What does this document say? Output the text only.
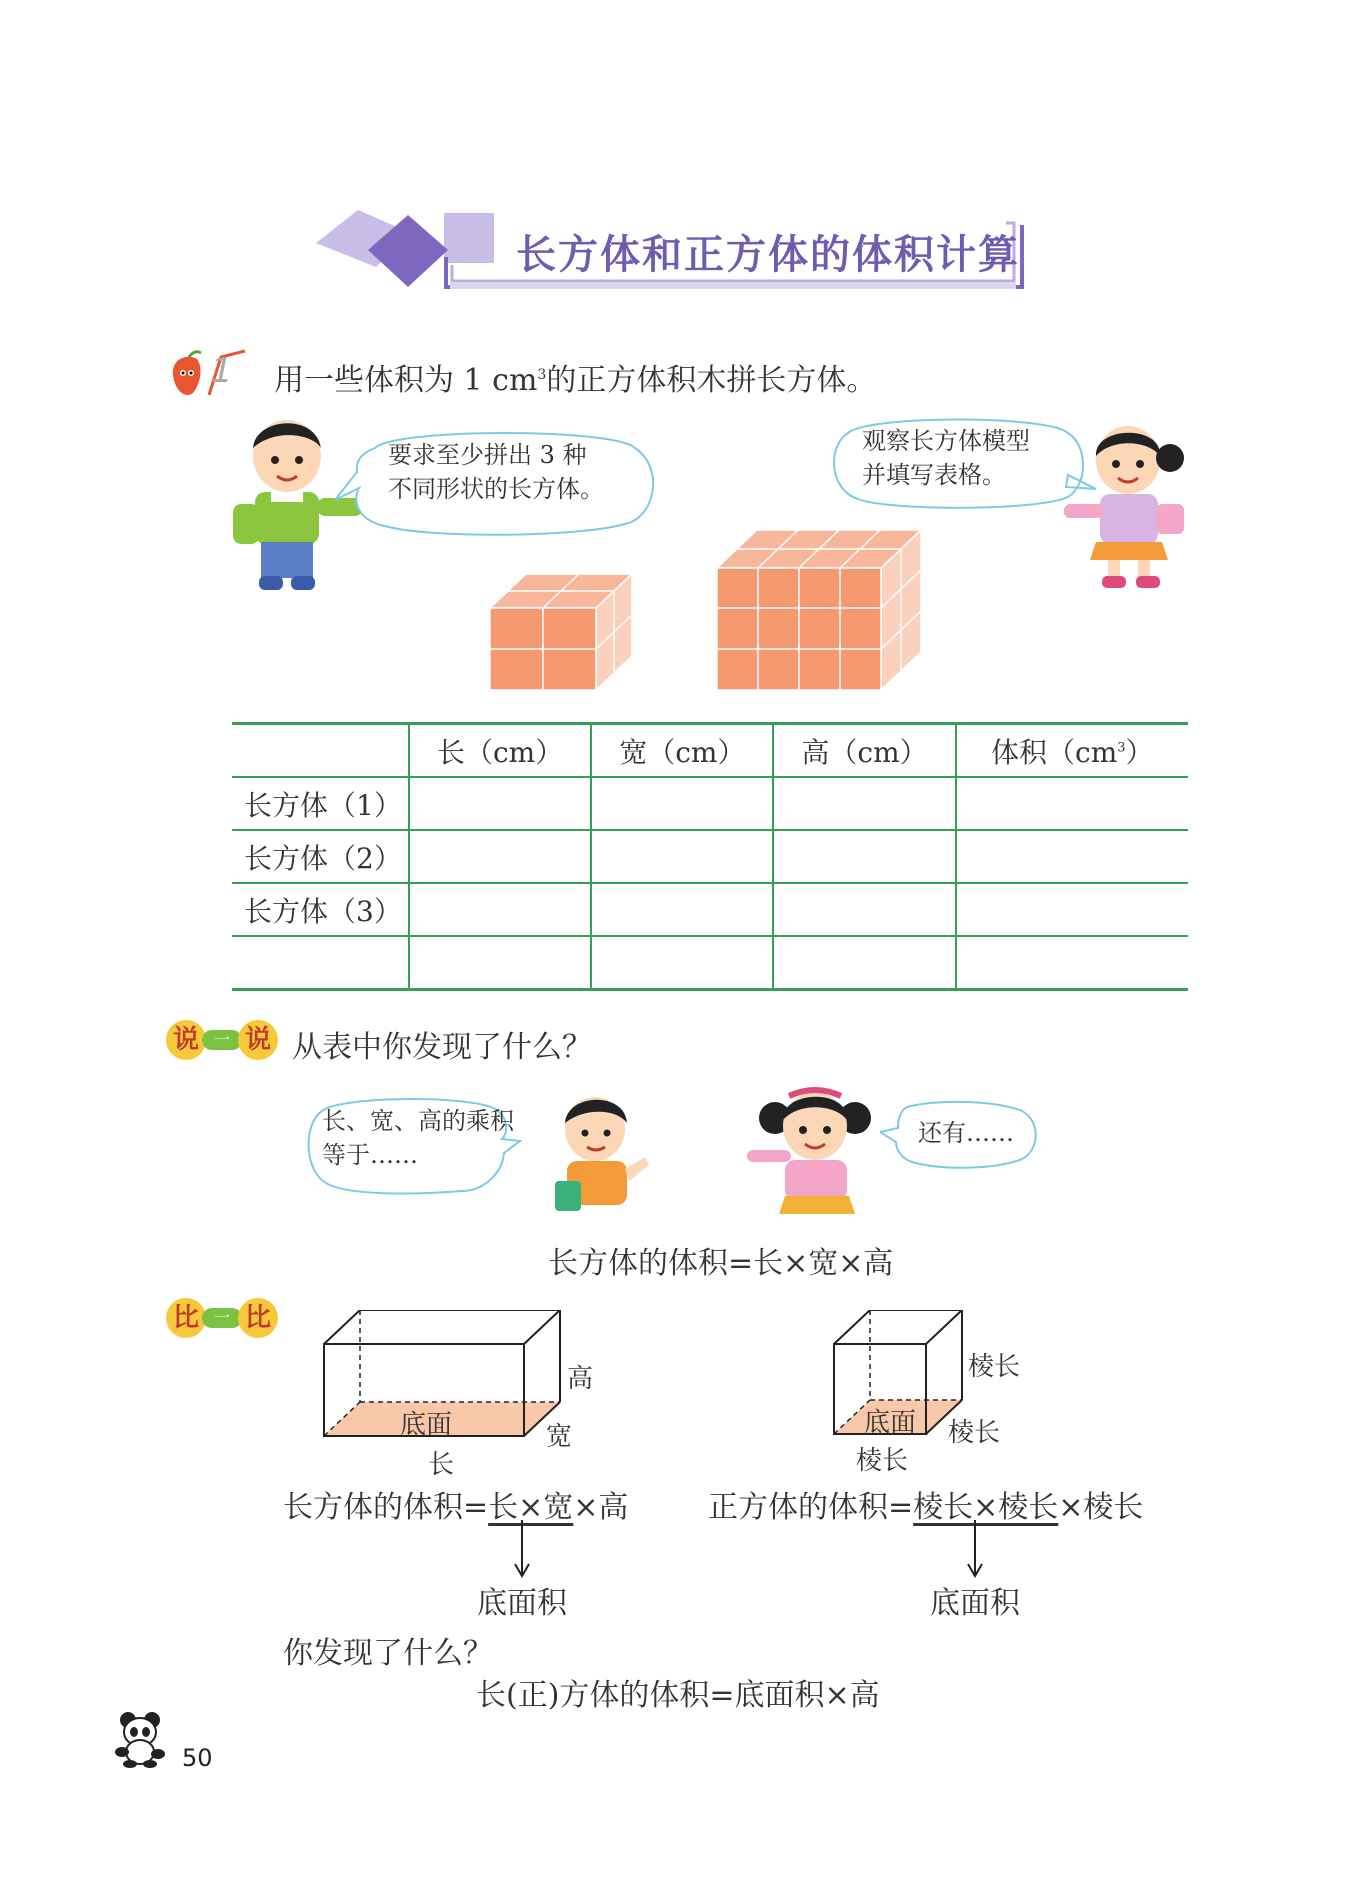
长方体和正方体的体积计算
1 用一些体积为 1 $cm^3$的正方体积木拼长方体。
要求至少拼出 3 种
不同形状的长方体。
观察长方体模型
并填写表格。
	长（cm）	宽（cm）	高（cm）	体积$(cm^3)$
长方体（1）				
长方体（2）				
长方体（3）				

说 一 说 从表中你发现了什么？
长、宽、高的乘积
等于……
还有……
长方体的体积=长×宽×高
比 一 比
高
底面	宽
长
棱长
底面 棱长
棱长
长方体的体积=长×宽×高	正方体的体积=棱长×棱长×棱长
底面积	底面积
你发现了什么？
长(正)方体的体积=底面积×高
50
